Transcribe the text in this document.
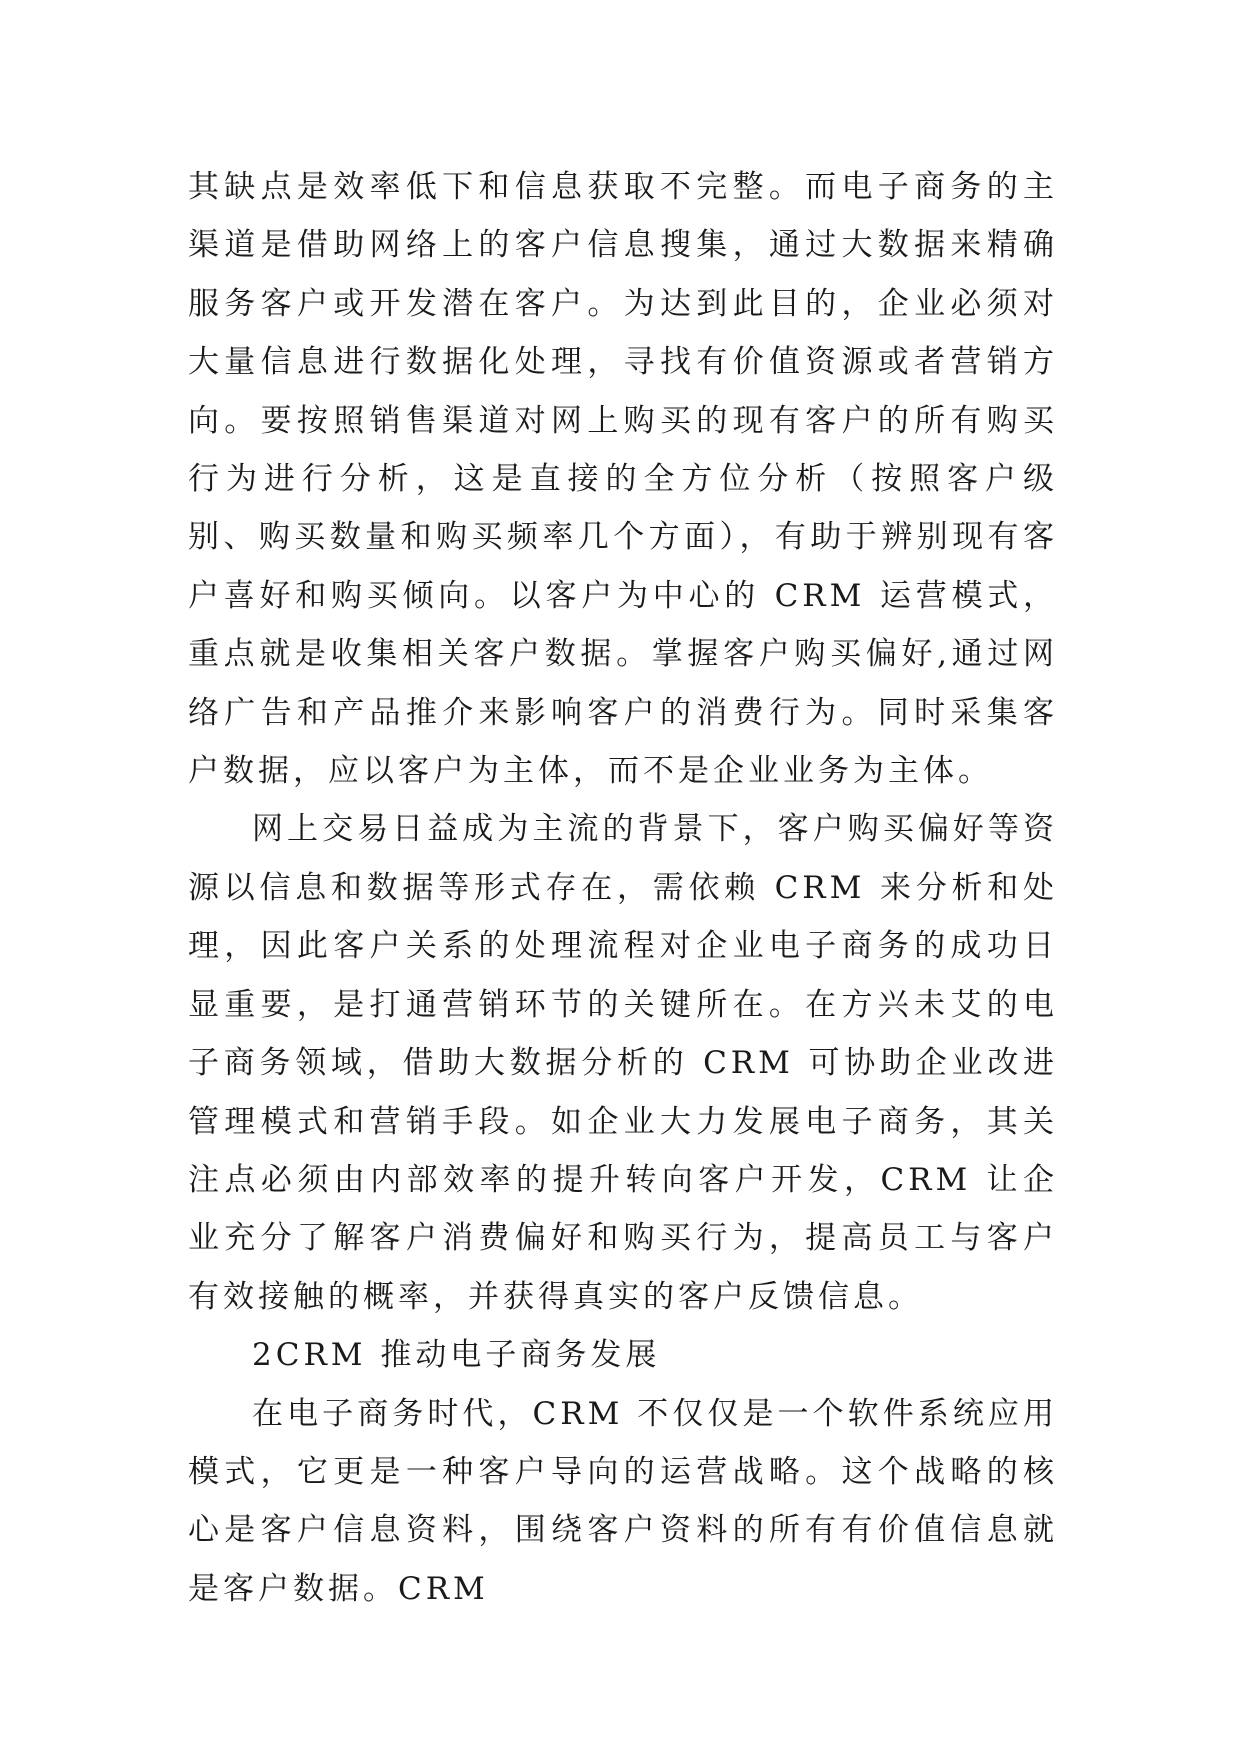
其缺点是效率低下和信息获取不完整。而电子商务的主渠道是借助网络上的客户信息搜集，通过大数据来精确服务客户或开发潜在客户。为达到此目的，企业必须对大量信息进行数据化处理，寻找有价值资源或者营销方向。要按照销售渠道对网上购买的现有客户的所有购买行为进行分析，这是直接的全方位分析（按照客户级别、购买数量和购买频率几个方面），有助于辨别现有客户喜好和购买倾向。以客户为中心的 CRM 运营模式，重点就是收集相关客户数据。掌握客户购买偏好,通过网络广告和产品推介来影响客户的消费行为。同时采集客户数据，应以客户为主体，而不是企业业务为主体。

网上交易日益成为主流的背景下，客户购买偏好等资源以信息和数据等形式存在，需依赖 CRM 来分析和处理，因此客户关系的处理流程对企业电子商务的成功日显重要，是打通营销环节的关键所在。在方兴未艾的电子商务领域，借助大数据分析的 CRM 可协助企业改进管理模式和营销手段。如企业大力发展电子商务，其关注点必须由内部效率的提升转向客户开发，CRM 让企业充分了解客户消费偏好和购买行为，提高员工与客户有效接触的概率，并获得真实的客户反馈信息。

2CRM 推动电子商务发展

在电子商务时代，CRM 不仅仅是一个软件系统应用模式，它更是一种客户导向的运营战略。这个战略的核心是客户信息资料，围绕客户资料的所有有价值信息就是客户数据。CRM
